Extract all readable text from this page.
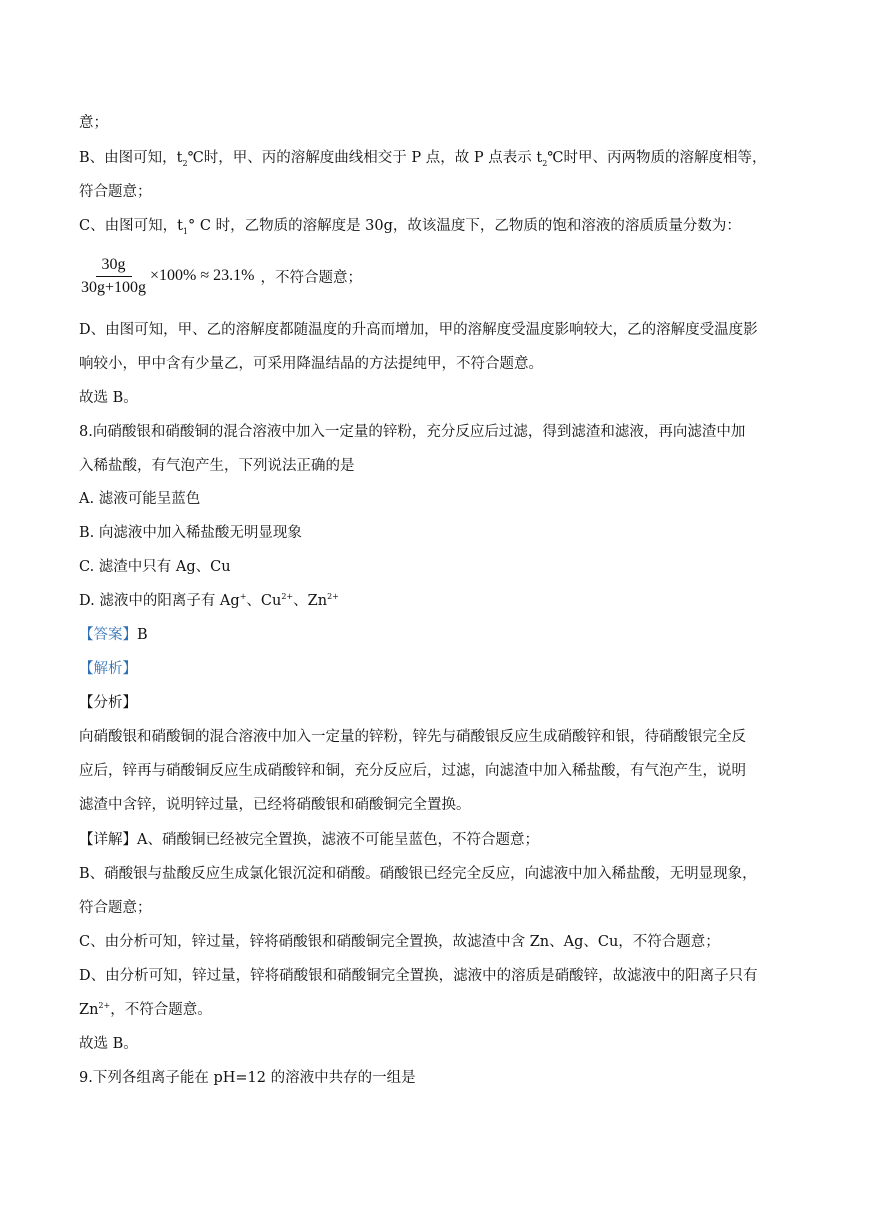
意；
B、由图可知，$t_2℃$时，甲、丙的溶解度曲线相交于 P 点，故 P 点表示 $t_2℃$时甲、丙两物质的溶解度相等，
符合题意；
C、由图可知，$t_1^\circ$ C 时，乙物质的溶解度是 30g，故该温度下，乙物质的饱和溶液的溶质质量分数为：
$\frac{30g}{30g+100g} \times 100\% \approx 23.1\%$ ，不符合题意；
D、由图可知，甲、乙的溶解度都随温度的升高而增加，甲的溶解度受温度影响较大，乙的溶解度受温度影
响较小，甲中含有少量乙，可采用降温结晶的方法提纯甲，不符合题意。
故选 B。
8.向硝酸银和硝酸铜的混合溶液中加入一定量的锌粉，充分反应后过滤，得到滤渣和滤液，再向滤渣中加
入稀盐酸，有气泡产生，下列说法正确的是
A. 滤液可能呈蓝色
B. 向滤液中加入稀盐酸无明显现象
C. 滤渣中只有 Ag、Cu
D. 滤液中的阳离子有 Ag+、$Cu^{2+}$、$Zn^{2+}$
【答案】B
【解析】
【分析】
向硝酸银和硝酸铜的混合溶液中加入一定量的锌粉，锌先与硝酸银反应生成硝酸锌和银，待硝酸银完全反
应后，锌再与硝酸铜反应生成硝酸锌和铜，充分反应后，过滤，向滤渣中加入稀盐酸，有气泡产生，说明
滤渣中含锌，说明锌过量，已经将硝酸银和硝酸铜完全置换。
【详解】A、硝酸铜已经被完全置换，滤液不可能呈蓝色，不符合题意；
B、硝酸银与盐酸反应生成氯化银沉淀和硝酸。硝酸银已经完全反应，向滤液中加入稀盐酸，无明显现象，
符合题意；
C、由分析可知，锌过量，锌将硝酸银和硝酸铜完全置换，故滤渣中含 Zn、Ag、Cu，不符合题意；
D、由分析可知，锌过量，锌将硝酸银和硝酸铜完全置换，滤液中的溶质是硝酸锌，故滤液中的阳离子只有
$Zn^{2+}$，不符合题意。
故选 B。
9.下列各组离子能在 pH=12 的溶液中共存的一组是
